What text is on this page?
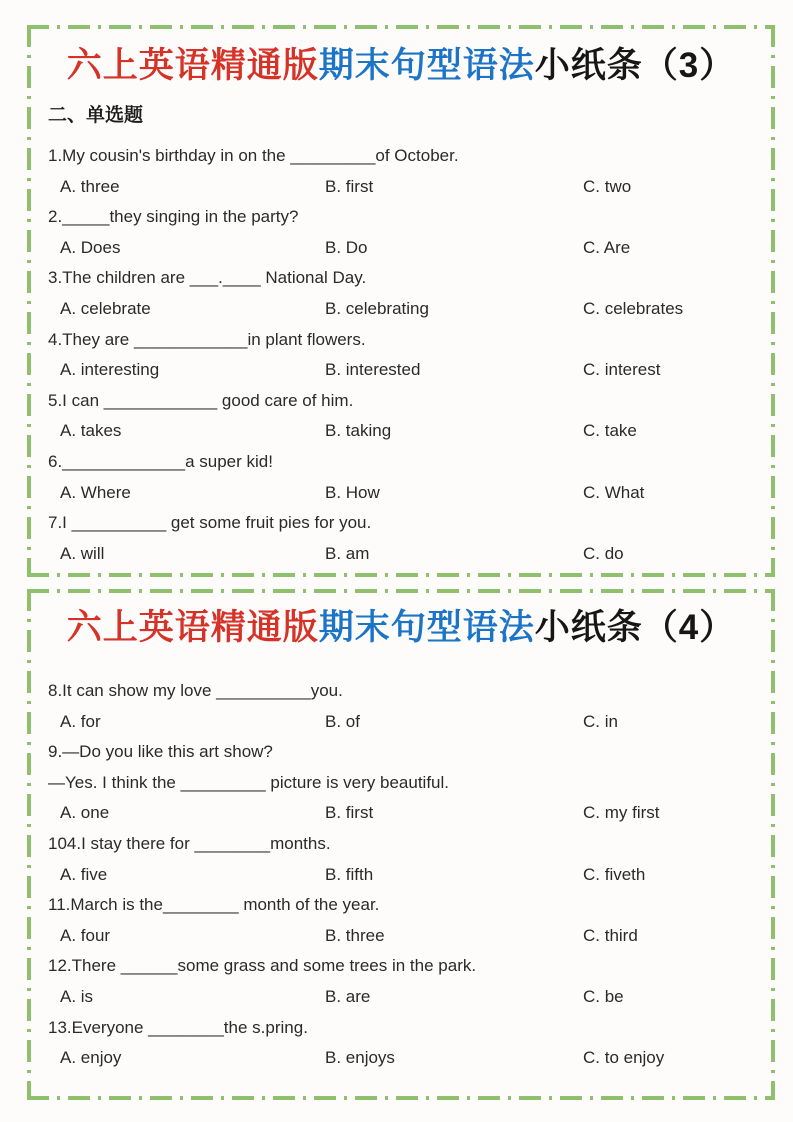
六上英语精通版期末句型语法小纸条（3）
二、单选题
1.My cousin's birthday in on the _________of October.
A. three	B. first	C. two
2._____they singing in the party?
A. Does	B. Do	C. Are
3.The children are ___.____ National Day.
A. celebrate	B. celebrating	C. celebrates
4.They are ____________in plant flowers.
A. interesting	B. interested	C. interest
5.I can ____________ good care of him.
A. takes	B. taking	C. take
6._____________a super kid!
A. Where	B. How	C. What
7.I __________ get some fruit pies for you.
A. will	B. am	C. do
六上英语精通版期末句型语法小纸条（4）
8.It can show my love __________you.
A. for	B. of	C. in
9.—Do you like this art show?
—Yes. I think the _________ picture is very beautiful.
A. one	B. first	C. my first
104.I stay there for ________months.
A. five	B. fifth	C. fiveth
11.March is the________ month of the year.
A. four	B. three	C. third
12.There ______some grass and some trees in the park.
A. is	B. are	C. be
13.Everyone ________the s.pring.
A. enjoy	B. enjoys	C. to enjoy
